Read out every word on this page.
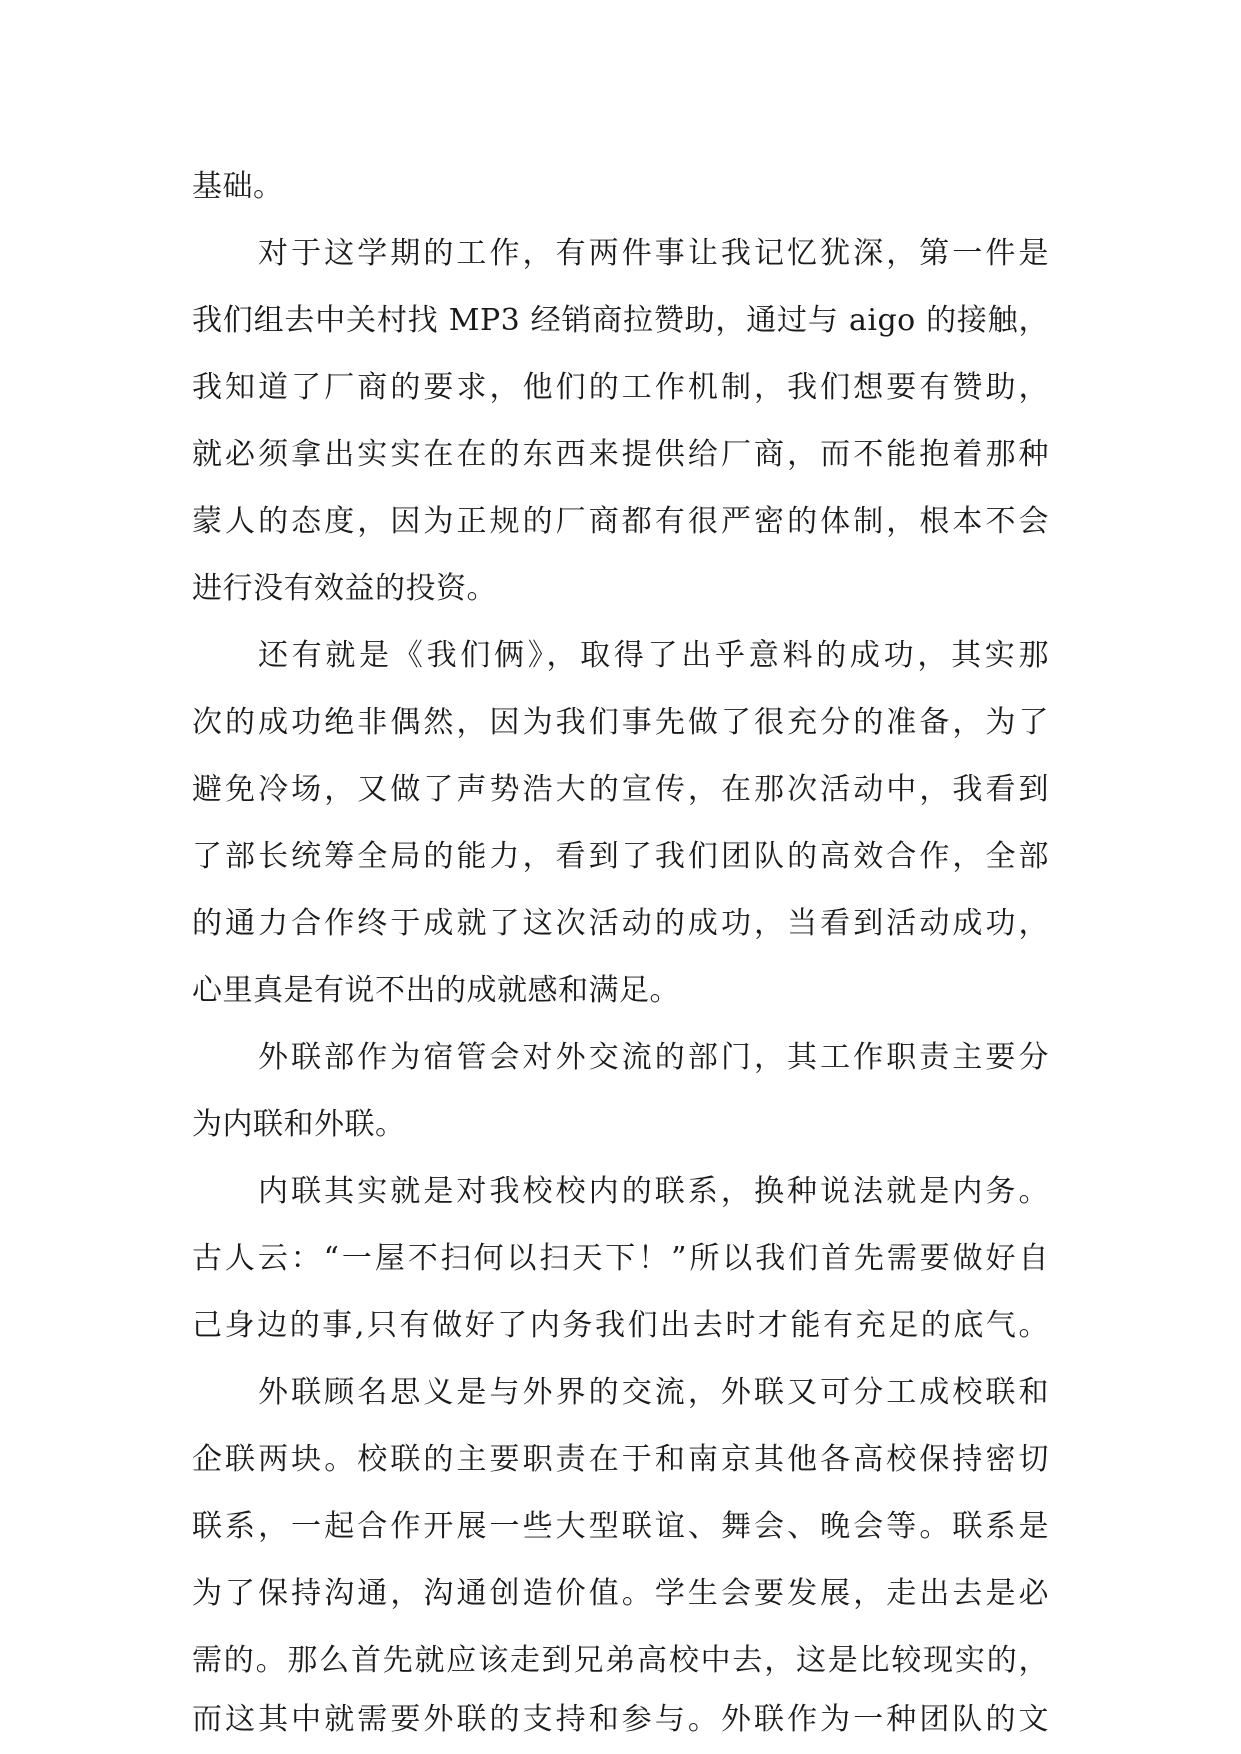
基础。
对于这学期的工作，有两件事让我记忆犹深，第一件是
我们组去中关村找 MP3 经销商拉赞助，通过与 aigo 的接触，
我知道了厂商的要求，他们的工作机制，我们想要有赞助，
就必须拿出实实在在的东西来提供给厂商，而不能抱着那种
蒙人的态度，因为正规的厂商都有很严密的体制，根本不会
进行没有效益的投资。
还有就是《我们俩》，取得了出乎意料的成功，其实那
次的成功绝非偶然，因为我们事先做了很充分的准备，为了
避免冷场，又做了声势浩大的宣传，在那次活动中，我看到
了部长统筹全局的能力，看到了我们团队的高效合作，全部
的通力合作终于成就了这次活动的成功，当看到活动成功，
心里真是有说不出的成就感和满足。
外联部作为宿管会对外交流的部门，其工作职责主要分
为内联和外联。
内联其实就是对我校校内的联系，换种说法就是内务。
古人云：“一屋不扫何以扫天下！”所以我们首先需要做好自
己身边的事,只有做好了内务我们出去时才能有充足的底气。
外联顾名思义是与外界的交流，外联又可分工成校联和
企联两块。校联的主要职责在于和南京其他各高校保持密切
联系，一起合作开展一些大型联谊、舞会、晚会等。联系是
为了保持沟通，沟通创造价值。学生会要发展，走出去是必
需的。那么首先就应该走到兄弟高校中去，这是比较现实的，
而这其中就需要外联的支持和参与。外联作为一种团队的文
